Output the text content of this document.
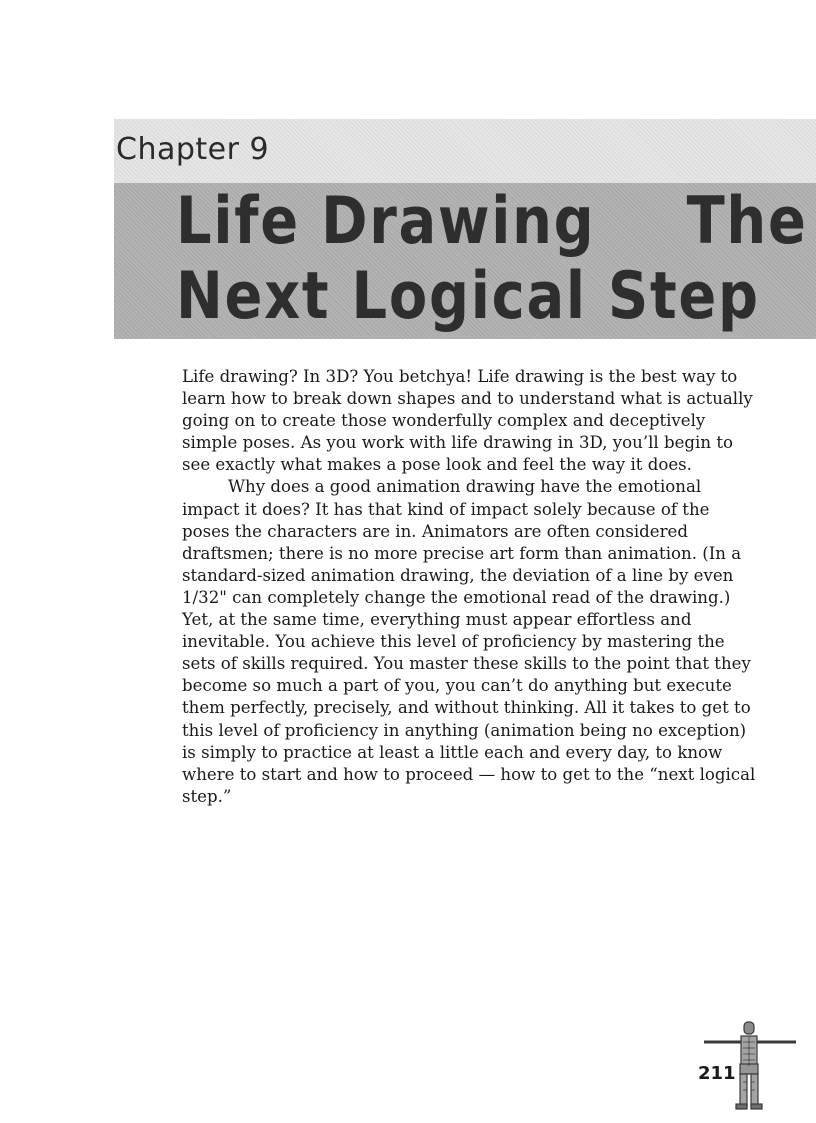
Chapter 9
Life Drawing The
Next Logical Step

Life drawing? In 3D? You betchya! Life drawing is the best way to learn how to break down shapes and to understand what is actually going on to create those wonderfully complex and deceptively simple poses. As you work with life drawing in 3D, you’ll begin to see exactly what makes a pose look and feel the way it does.

Why does a good animation drawing have the emotional impact it does? It has that kind of impact solely because of the poses the characters are in. Animators are often considered draftsmen; there is no more precise art form than animation. (In a standard-sized animation drawing, the deviation of a line by even 1/32" can completely change the emotional read of the drawing.) Yet, at the same time, everything must appear effortless and inevitable. You achieve this level of proficiency by mastering the sets of skills required. You master these skills to the point that they become so much a part of you, you can’t do anything but execute them perfectly, precisely, and without thinking. All it takes to get to this level of proficiency in anything (animation being no exception) is simply to practice at least a little each and every day, to know where to start and how to proceed — how to get to the “next logical step.”

211
